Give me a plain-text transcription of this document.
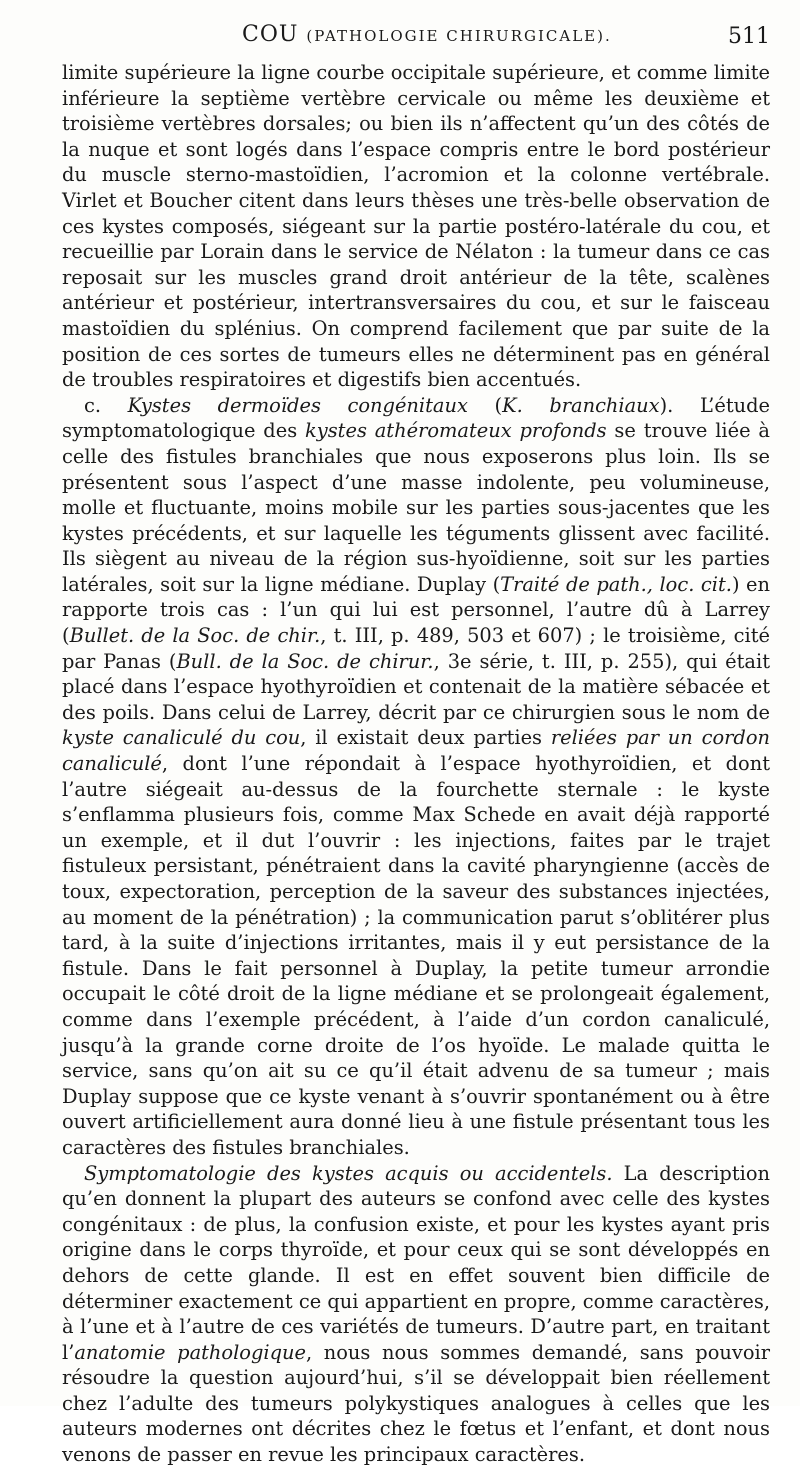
COU (PATHOLOGIE CHIRURGICALE).	511

limite supérieure la ligne courbe occipitale supérieure, et comme limite inférieure la septième vertèbre cervicale ou même les deuxième et troisième vertèbres dorsales; ou bien ils n’affectent qu’un des côtés de la nuque et sont logés dans l’espace compris entre le bord postérieur du muscle sterno-mastoïdien, l’acromion et la colonne vertébrale. Virlet et Boucher citent dans leurs thèses une très-belle observation de ces kystes composés, siégeant sur la partie postéro-latérale du cou, et recueillie par Lorain dans le service de Nélaton : la tumeur dans ce cas reposait sur les muscles grand droit antérieur de la tête, scalènes antérieur et postérieur, intertransversaires du cou, et sur le faisceau mastoïdien du splénius. On comprend facilement que par suite de la position de ces sortes de tumeurs elles ne déterminent pas en général de troubles respiratoires et digestifs bien accentués.

c. Kystes dermoïdes congénitaux (K. branchiaux). L’étude symptomatologique des kystes athéromateux profonds se trouve liée à celle des fistules branchiales que nous exposerons plus loin. Ils se présentent sous l’aspect d’une masse indolente, peu volumineuse, molle et fluctuante, moins mobile sur les parties sous-jacentes que les kystes précédents, et sur laquelle les téguments glissent avec facilité. Ils siègent au niveau de la région sus-hyoïdienne, soit sur les parties latérales, soit sur la ligne médiane. Duplay (Traité de path., loc. cit.) en rapporte trois cas : l’un qui lui est personnel, l’autre dû à Larrey (Bullet. de la Soc. de chir., t. III, p. 489, 503 et 607) ; le troisième, cité par Panas (Bull. de la Soc. de chirur., 3e série, t. III, p. 255), qui était placé dans l’espace hyothyroïdien et contenait de la matière sébacée et des poils. Dans celui de Larrey, décrit par ce chirurgien sous le nom de kyste canaliculé du cou, il existait deux parties reliées par un cordon canaliculé, dont l’une répondait à l’espace hyothyroïdien, et dont l’autre siégeait au-dessus de la fourchette sternale : le kyste s’enflamma plusieurs fois, comme Max Schede en avait déjà rapporté un exemple, et il dut l’ouvrir : les injections, faites par le trajet fistuleux persistant, pénétraient dans la cavité pharyngienne (accès de toux, expectoration, perception de la saveur des substances injectées, au moment de la pénétration) ; la communication parut s’oblitérer plus tard, à la suite d’injections irritantes, mais il y eut persistance de la fistule. Dans le fait personnel à Duplay, la petite tumeur arrondie occupait le côté droit de la ligne médiane et se prolongeait également, comme dans l’exemple précédent, à l’aide d’un cordon canaliculé, jusqu’à la grande corne droite de l’os hyoïde. Le malade quitta le service, sans qu’on ait su ce qu’il était advenu de sa tumeur ; mais Duplay suppose que ce kyste venant à s’ouvrir spontanément ou à être ouvert artificiellement aura donné lieu à une fistule présentant tous les caractères des fistules branchiales.

Symptomatologie des kystes acquis ou accidentels. La description qu’en donnent la plupart des auteurs se confond avec celle des kystes congénitaux : de plus, la confusion existe, et pour les kystes ayant pris origine dans le corps thyroïde, et pour ceux qui se sont développés en dehors de cette glande. Il est en effet souvent bien difficile de déterminer exactement ce qui appartient en propre, comme caractères, à l’une et à l’autre de ces variétés de tumeurs. D’autre part, en traitant l’anatomie pathologique, nous nous sommes demandé, sans pouvoir résoudre la question aujourd’hui, s’il se développait bien réellement chez l’adulte des tumeurs polykystiques analogues à celles que les auteurs modernes ont décrites chez le fœtus et l’enfant, et dont nous venons de passer en revue les principaux caractères.
